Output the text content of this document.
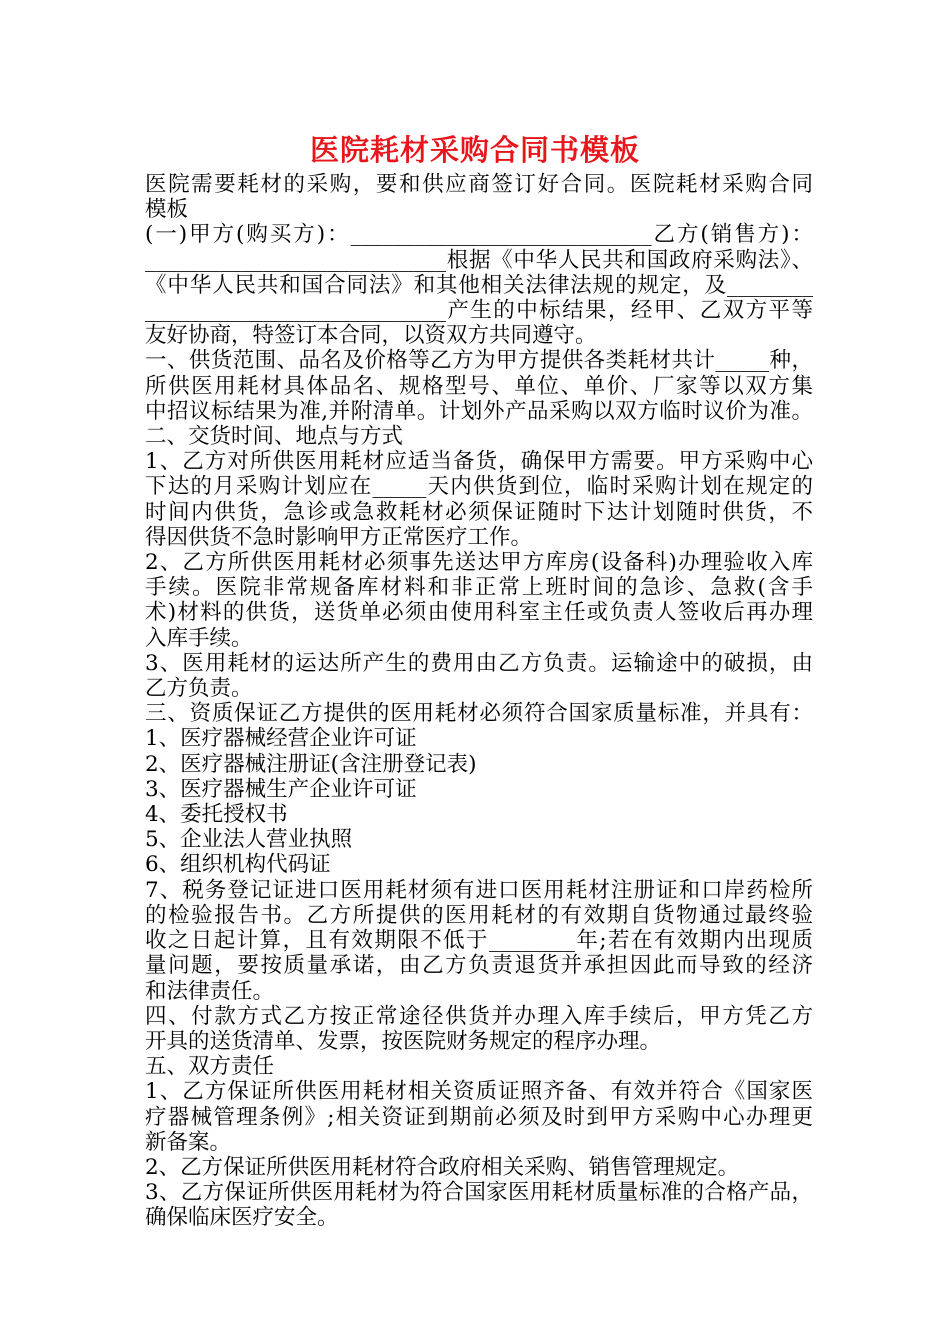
医院耗材采购合同书模板
医院需要耗材的采购，要和供应商签订好合同。医院耗材采购合同
模板
(一)甲方(购买方)：____________________________乙方(销售方)：
____________________________根据《中华人民共和国政府采购法》、
《中华人民共和国合同法》和其他相关法律法规的规定，及________
____________________________产生的中标结果，经甲、乙双方平等
友好协商，特签订本合同，以资双方共同遵守。
一、供货范围、品名及价格等乙方为甲方提供各类耗材共计_____种，
所供医用耗材具体品名、规格型号、单位、单价、厂家等以双方集
中招议标结果为准,并附清单。计划外产品采购以双方临时议价为准。
二、交货时间、地点与方式
1、乙方对所供医用耗材应适当备货，确保甲方需要。甲方采购中心
下达的月采购计划应在_____天内供货到位，临时采购计划在规定的
时间内供货，急诊或急救耗材必须保证随时下达计划随时供货，不
得因供货不急时影响甲方正常医疗工作。
2、乙方所供医用耗材必须事先送达甲方库房(设备科)办理验收入库
手续。医院非常规备库材料和非正常上班时间的急诊、急救(含手
术)材料的供货，送货单必须由使用科室主任或负责人签收后再办理
入库手续。
3、医用耗材的运达所产生的费用由乙方负责。运输途中的破损，由
乙方负责。
三、资质保证乙方提供的医用耗材必须符合国家质量标准，并具有：
1、医疗器械经营企业许可证
2、医疗器械注册证(含注册登记表)
3、医疗器械生产企业许可证
4、委托授权书
5、企业法人营业执照
6、组织机构代码证
7、税务登记证进口医用耗材须有进口医用耗材注册证和口岸药检所
的检验报告书。乙方所提供的医用耗材的有效期自货物通过最终验
收之日起计算，且有效期限不低于________年;若在有效期内出现质
量问题，要按质量承诺，由乙方负责退货并承担因此而导致的经济
和法律责任。
四、付款方式乙方按正常途径供货并办理入库手续后，甲方凭乙方
开具的送货清单、发票，按医院财务规定的程序办理。
五、双方责任
1、乙方保证所供医用耗材相关资质证照齐备、有效并符合《国家医
疗器械管理条例》;相关资证到期前必须及时到甲方采购中心办理更
新备案。
2、乙方保证所供医用耗材符合政府相关采购、销售管理规定。
3、乙方保证所供医用耗材为符合国家医用耗材质量标准的合格产品，
确保临床医疗安全。
